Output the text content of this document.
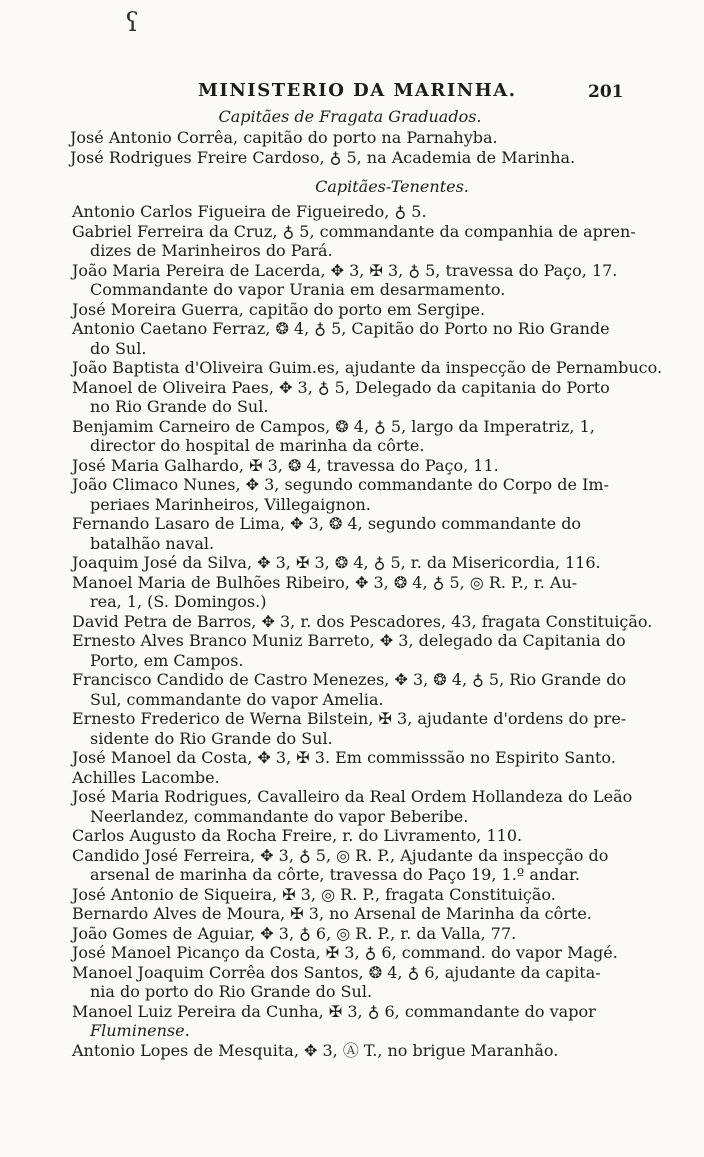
ʕ
MINISTERIO DA MARINHA.	201
Capitães de Fragata Graduados.
José Antonio Corrêa, capitão do porto na Parnahyba.
José Rodrigues Freire Cardoso, ♁ 5, na Academia de Marinha.
Capitães-Tenentes.
Antonio Carlos Figueira de Figueiredo, ♁ 5.
Gabriel Ferreira da Cruz, ♁ 5, commandante da companhia de apren-
dizes de Marinheiros do Pará.
João Maria Pereira de Lacerda, ✥ 3, ✠ 3, ♁ 5, travessa do Paço, 17.
Commandante do vapor Urania em desarmamento.
José Moreira Guerra, capitão do porto em Sergipe.
Antonio Caetano Ferraz, ❂ 4, ♁ 5, Capitão do Porto no Rio Grande
do Sul.
João Baptista d'Oliveira Guim.es, ajudante da inspecção de Pernambuco.
Manoel de Oliveira Paes, ✥ 3, ♁ 5, Delegado da capitania do Porto
no Rio Grande do Sul.
Benjamim Carneiro de Campos, ❂ 4, ♁ 5, largo da Imperatriz, 1,
director do hospital de marinha da côrte.
José Maria Galhardo, ✠ 3, ❂ 4, travessa do Paço, 11.
João Climaco Nunes, ✥ 3, segundo commandante do Corpo de Im-
periaes Marinheiros, Villegaignon.
Fernando Lasaro de Lima, ✥ 3, ❂ 4, segundo commandante do
batalhão naval.
Joaquim José da Silva, ✥ 3, ✠ 3, ❂ 4, ♁ 5, r. da Misericordia, 116.
Manoel Maria de Bulhões Ribeiro, ✥ 3, ❂ 4, ♁ 5, ◎ R. P., r. Au-
rea, 1, (S. Domingos.)
David Petra de Barros, ✥ 3, r. dos Pescadores, 43, fragata Constituição.
Ernesto Alves Branco Muniz Barreto, ✥ 3, delegado da Capitania do
Porto, em Campos.
Francisco Candido de Castro Menezes, ✥ 3, ❂ 4, ♁ 5, Rio Grande do
Sul, commandante do vapor Amelia.
Ernesto Frederico de Werna Bilstein, ✠ 3, ajudante d'ordens do pre-
sidente do Rio Grande do Sul.
José Manoel da Costa, ✥ 3, ✠ 3. Em commisssão no Espirito Santo.
Achilles Lacombe.
José Maria Rodrigues, Cavalleiro da Real Ordem Hollandeza do Leão
Neerlandez, commandante do vapor Beberibe.
Carlos Augusto da Rocha Freire, r. do Livramento, 110.
Candido José Ferreira, ✥ 3, ♁ 5, ◎ R. P., Ajudante da inspecção do
arsenal de marinha da côrte, travessa do Paço 19, 1.º andar.
José Antonio de Siqueira, ✠ 3, ◎ R. P., fragata Constituição.
Bernardo Alves de Moura, ✠ 3, no Arsenal de Marinha da côrte.
João Gomes de Aguiar, ✥ 3, ♁ 6, ◎ R. P., r. da Valla, 77.
José Manoel Picanço da Costa, ✠ 3, ♁ 6, command. do vapor Magé.
Manoel Joaquim Corrêa dos Santos, ❂ 4, ♁ 6, ajudante da capita-
nia do porto do Rio Grande do Sul.
Manoel Luiz Pereira da Cunha, ✠ 3, ♁ 6, commandante do vapor
Fluminense.
Antonio Lopes de Mesquita, ✥ 3, Ⓐ T., no brigue Maranhão.
